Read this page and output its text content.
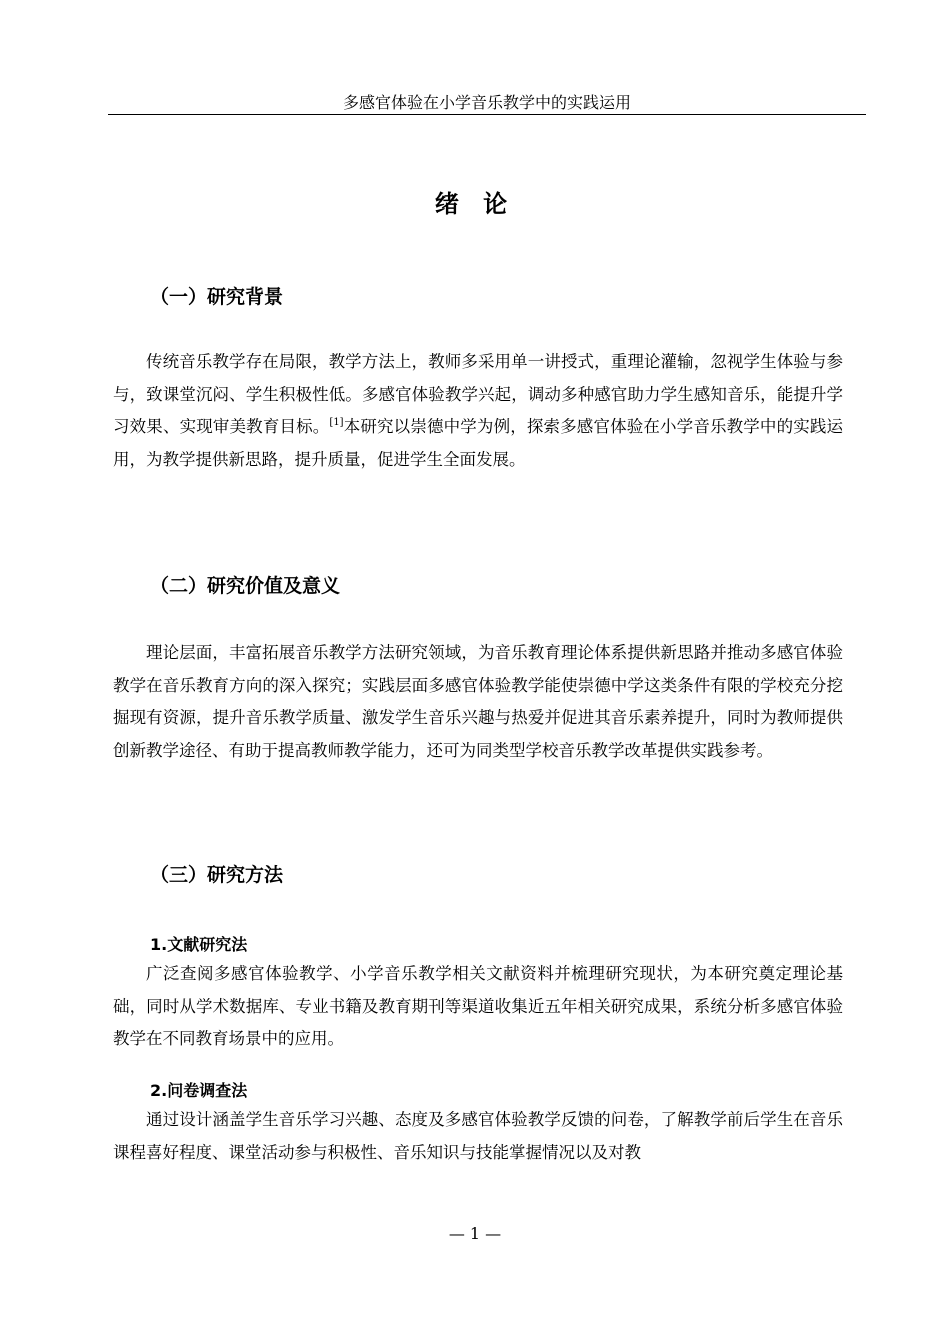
多感官体验在小学音乐教学中的实践运用
绪 论
（一）研究背景
传统音乐教学存在局限，教学方法上，教师多采用单一讲授式，重理论灌输，忽视学生体验与参与，致课堂沉闷、学生积极性低。多感官体验教学兴起，调动多种感官助力学生感知音乐，能提升学习效果、实现审美教育目标。[1]本研究以崇德中学为例，探索多感官体验在小学音乐教学中的实践运用，为教学提供新思路，提升质量，促进学生全面发展。
（二）研究价值及意义
理论层面，丰富拓展音乐教学方法研究领域，为音乐教育理论体系提供新思路并推动多感官体验教学在音乐教育方向的深入探究；实践层面多感官体验教学能使崇德中学这类条件有限的学校充分挖掘现有资源，提升音乐教学质量、激发学生音乐兴趣与热爱并促进其音乐素养提升，同时为教师提供创新教学途径、有助于提高教师教学能力，还可为同类型学校音乐教学改革提供实践参考。
（三）研究方法
1.文献研究法
广泛查阅多感官体验教学、小学音乐教学相关文献资料并梳理研究现状，为本研究奠定理论基础，同时从学术数据库、专业书籍及教育期刊等渠道收集近五年相关研究成果，系统分析多感官体验教学在不同教育场景中的应用。
2.问卷调查法
通过设计涵盖学生音乐学习兴趣、态度及多感官体验教学反馈的问卷，了解教学前后学生在音乐课程喜好程度、课堂活动参与积极性、音乐知识与技能掌握情况以及对教
— 1 —
